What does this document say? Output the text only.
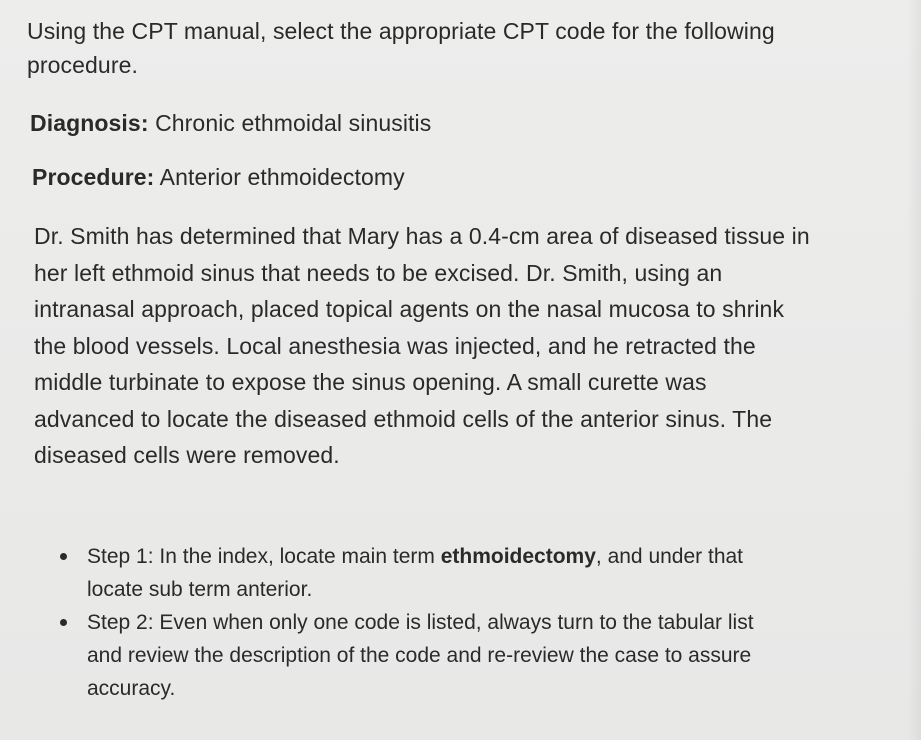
Using the CPT manual, select the appropriate CPT code for the following
procedure.
Diagnosis: Chronic ethmoidal sinusitis
Procedure: Anterior ethmoidectomy
Dr. Smith has determined that Mary has a 0.4-cm area of diseased tissue in
her left ethmoid sinus that needs to be excised. Dr. Smith, using an
intranasal approach, placed topical agents on the nasal mucosa to shrink
the blood vessels. Local anesthesia was injected, and he retracted the
middle turbinate to expose the sinus opening. A small curette was
advanced to locate the diseased ethmoid cells of the anterior sinus. The
diseased cells were removed.
Step 1: In the index, locate main term ethmoidectomy, and under that
locate sub term anterior.
Step 2: Even when only one code is listed, always turn to the tabular list
and review the description of the code and re-review the case to assure
accuracy.
